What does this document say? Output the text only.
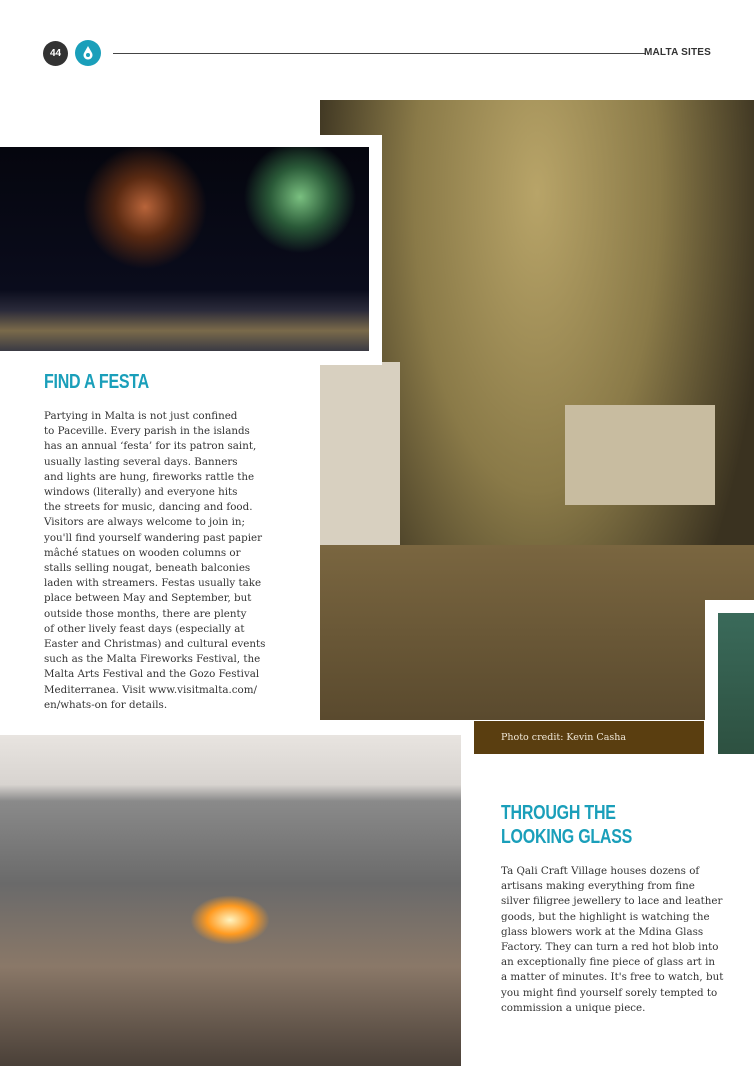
44	MALTA SITES
FIND A FESTA
Partying in Malta is not just confined
to Paceville. Every parish in the islands
has an annual ‘festa’ for its patron saint,
usually lasting several days. Banners
and lights are hung, fireworks rattle the
windows (literally) and everyone hits
the streets for music, dancing and food.
Visitors are always welcome to join in;
you'll find yourself wandering past papier
mâché statues on wooden columns or
stalls selling nougat, beneath balconies
laden with streamers. Festas usually take
place between May and September, but
outside those months, there are plenty
of other lively feast days (especially at
Easter and Christmas) and cultural events
such as the Malta Fireworks Festival, the
Malta Arts Festival and the Gozo Festival
Mediterranea. Visit www.visitmalta.com/
en/whats-on for details.
Photo credit: Kevin Casha
THROUGH THE
LOOKING GLASS
Ta Qali Craft Village houses dozens of
artisans making everything from fine
silver filigree jewellery to lace and leather
goods, but the highlight is watching the
glass blowers work at the Mdina Glass
Factory. They can turn a red hot blob into
an exceptionally fine piece of glass art in
a matter of minutes. It's free to watch, but
you might find yourself sorely tempted to
commission a unique piece.
